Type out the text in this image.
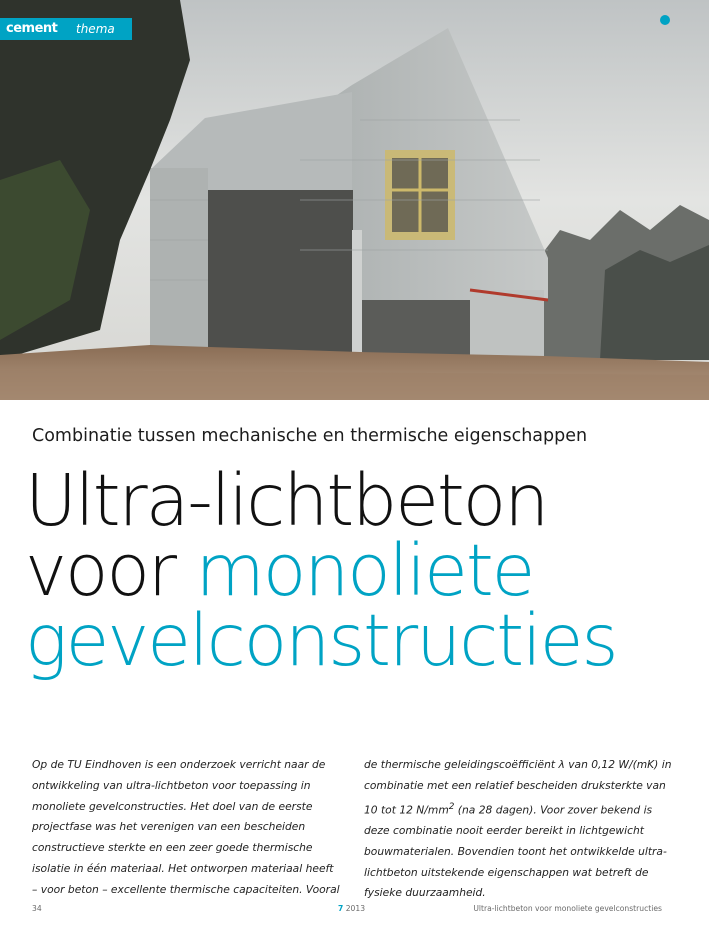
cement	thema
Combinatie tussen mechanische en thermische eigenschappen
Ultra-lichtbeton
voor monoliete
gevelconstructies

Op de TU Eindhoven is een onderzoek verricht naar de ontwikkeling van ultra-lichtbeton voor toepassing in monoliete gevelconstructies. Het doel van de eerste projectfase was het verenigen van een bescheiden constructieve sterkte en een zeer goede thermische isolatie in één materiaal. Het ontworpen materiaal heeft – voor beton – excellente thermische capaciteiten. Vooral

de thermische geleidingscoëfficiënt λ van 0,12 W/(mK) in combinatie met een relatief bescheiden druksterkte van 10 tot 12 $N/mm^2$ (na 28 dagen). Voor zover bekend is deze combinatie nooit eerder bereikt in lichtgewicht bouwmaterialen. Bovendien toont het ontwikkelde ultra-lichtbeton uitstekende eigenschappen wat betreft de fysieke duurzaamheid.

34	7 2013	Ultra-lichtbeton voor monoliete gevelconstructies
